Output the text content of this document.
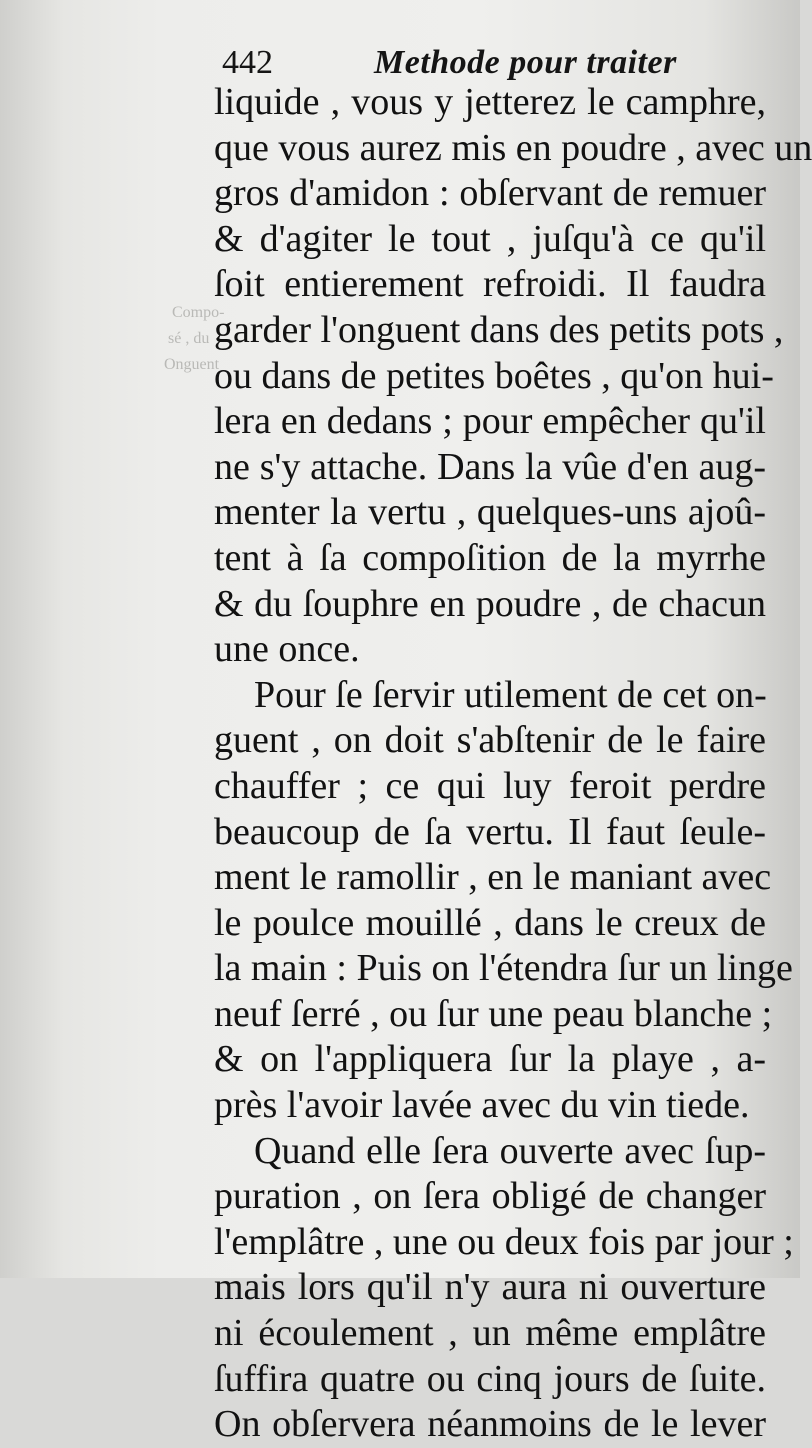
Compo-
sé , du
Onguent
442	Methode pour traiter
liquide , vous y jetterez le camphre,
que vous aurez mis en poudre , avec un
gros d'amidon : obſervant de remuer
& d'agiter le tout , juſqu'à ce qu'il
ſoit entierement refroidi. Il faudra
garder l'onguent dans des petits pots ,
ou dans de petites boêtes , qu'on hui-
lera en dedans ; pour empêcher qu'il
ne s'y attache. Dans la vûe d'en aug-
menter la vertu , quelques-uns ajoû-
tent à ſa compoſition de la myrrhe
& du ſouphre en poudre , de chacun
une once.
Pour ſe ſervir utilement de cet on-
guent , on doit s'abſtenir de le faire
chauffer ; ce qui luy feroit perdre
beaucoup de ſa vertu. Il faut ſeule-
ment le ramollir , en le maniant avec
le poulce mouillé , dans le creux de
la main : Puis on l'étendra ſur un linge
neuf ſerré , ou ſur une peau blanche ;
& on l'appliquera ſur la playe , a-
près l'avoir lavée avec du vin tiede.
Quand elle ſera ouverte avec ſup-
puration , on ſera obligé de changer
l'emplâtre , une ou deux fois par jour ;
mais lors qu'il n'y aura ni ouverture
ni écoulement , un même emplâtre
ſuffira quatre ou cinq jours de ſuite.
On obſervera néanmoins de le lever
